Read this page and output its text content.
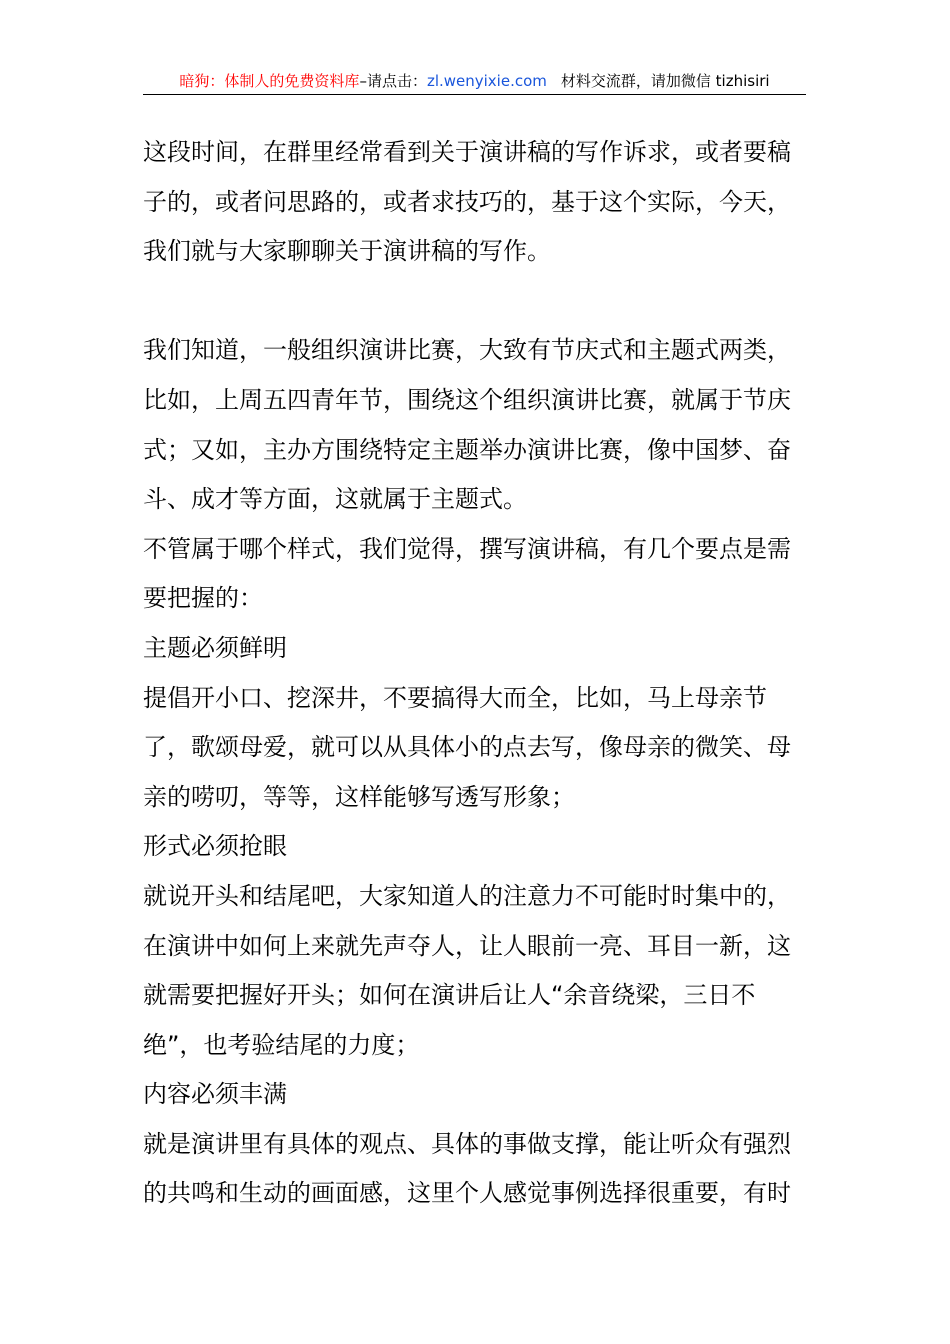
暗狗：体制人的免费资料库–请点击：zl.wenyixie.com 材料交流群，请加微信 tizhisiri

这段时间，在群里经常看到关于演讲稿的写作诉求，或者要稿子的，或者问思路的，或者求技巧的，基于这个实际，今天，我们就与大家聊聊关于演讲稿的写作。

我们知道，一般组织演讲比赛，大致有节庆式和主题式两类，比如，上周五四青年节，围绕这个组织演讲比赛，就属于节庆式；又如，主办方围绕特定主题举办演讲比赛，像中国梦、奋斗、成才等方面，这就属于主题式。

不管属于哪个样式，我们觉得，撰写演讲稿，有几个要点是需要把握的：

主题必须鲜明

提倡开小口、挖深井，不要搞得大而全，比如，马上母亲节了，歌颂母爱，就可以从具体小的点去写，像母亲的微笑、母亲的唠叨，等等，这样能够写透写形象；

形式必须抢眼

就说开头和结尾吧，大家知道人的注意力不可能时时集中的，在演讲中如何上来就先声夺人，让人眼前一亮、耳目一新，这就需要把握好开头；如何在演讲后让人“余音绕梁，三日不绝”，也考验结尾的力度；

内容必须丰满

就是演讲里有具体的观点、具体的事做支撑，能让听众有强烈的共鸣和生动的画面感，这里个人感觉事例选择很重要，有时
